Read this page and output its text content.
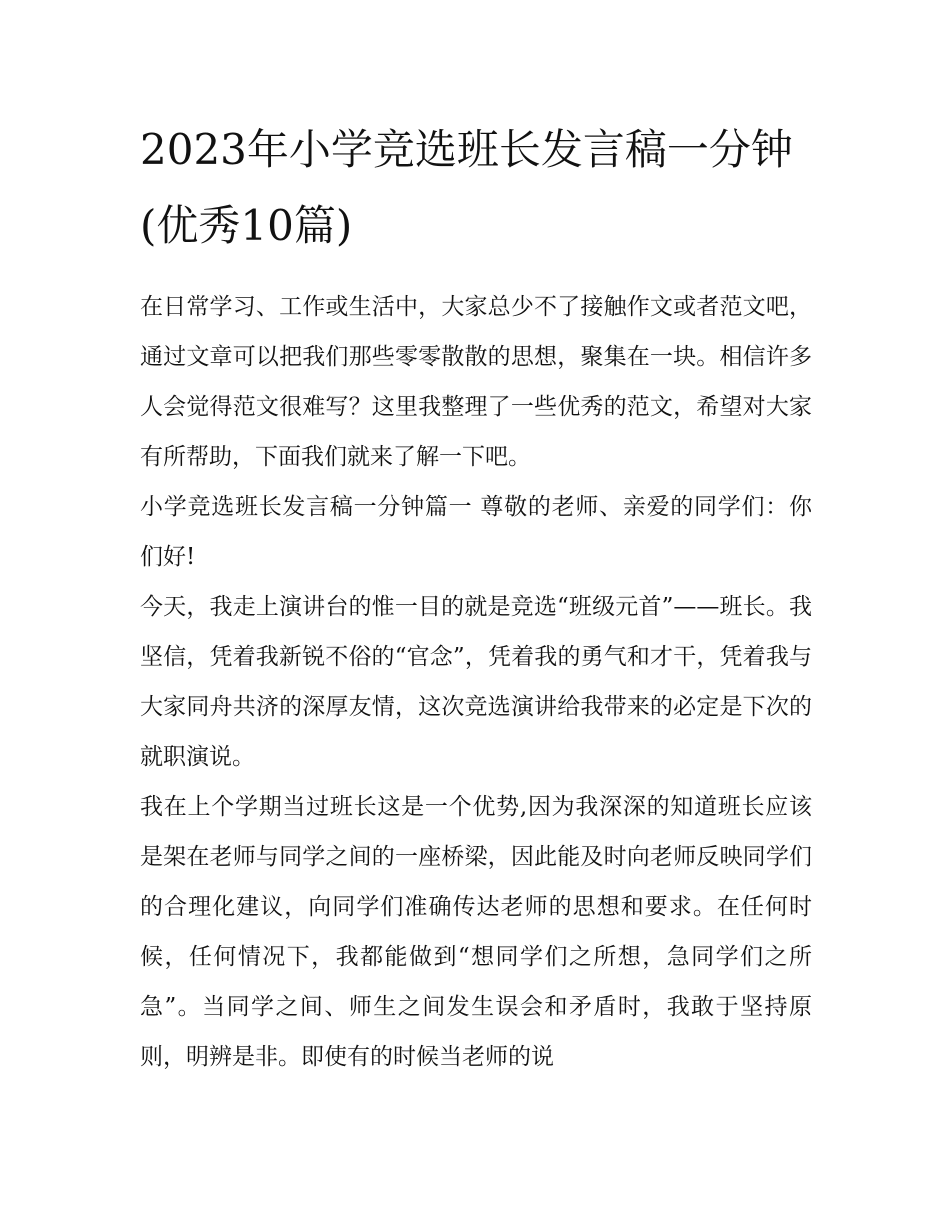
2023年小学竞选班长发言稿一分钟(优秀10篇)

在日常学习、工作或生活中，大家总少不了接触作文或者范文吧，通过文章可以把我们那些零零散散的思想，聚集在一块。相信许多人会觉得范文很难写？这里我整理了一些优秀的范文，希望对大家有所帮助，下面我们就来了解一下吧。

小学竞选班长发言稿一分钟篇一 尊敬的老师、亲爱的同学们：你们好!

今天，我走上演讲台的惟一目的就是竞选“班级元首”——班长。我坚信，凭着我新锐不俗的“官念”，凭着我的勇气和才干，凭着我与大家同舟共济的深厚友情，这次竞选演讲给我带来的必定是下次的就职演说。

我在上个学期当过班长这是一个优势,因为我深深的知道班长应该是架在老师与同学之间的一座桥梁，因此能及时向老师反映同学们的合理化建议，向同学们准确传达老师的思想和要求。在任何时候，任何情况下，我都能做到“想同学们之所想，急同学们之所急”。当同学之间、师生之间发生误会和矛盾时，我敢于坚持原则，明辨是非。即使有的时候当老师的说
